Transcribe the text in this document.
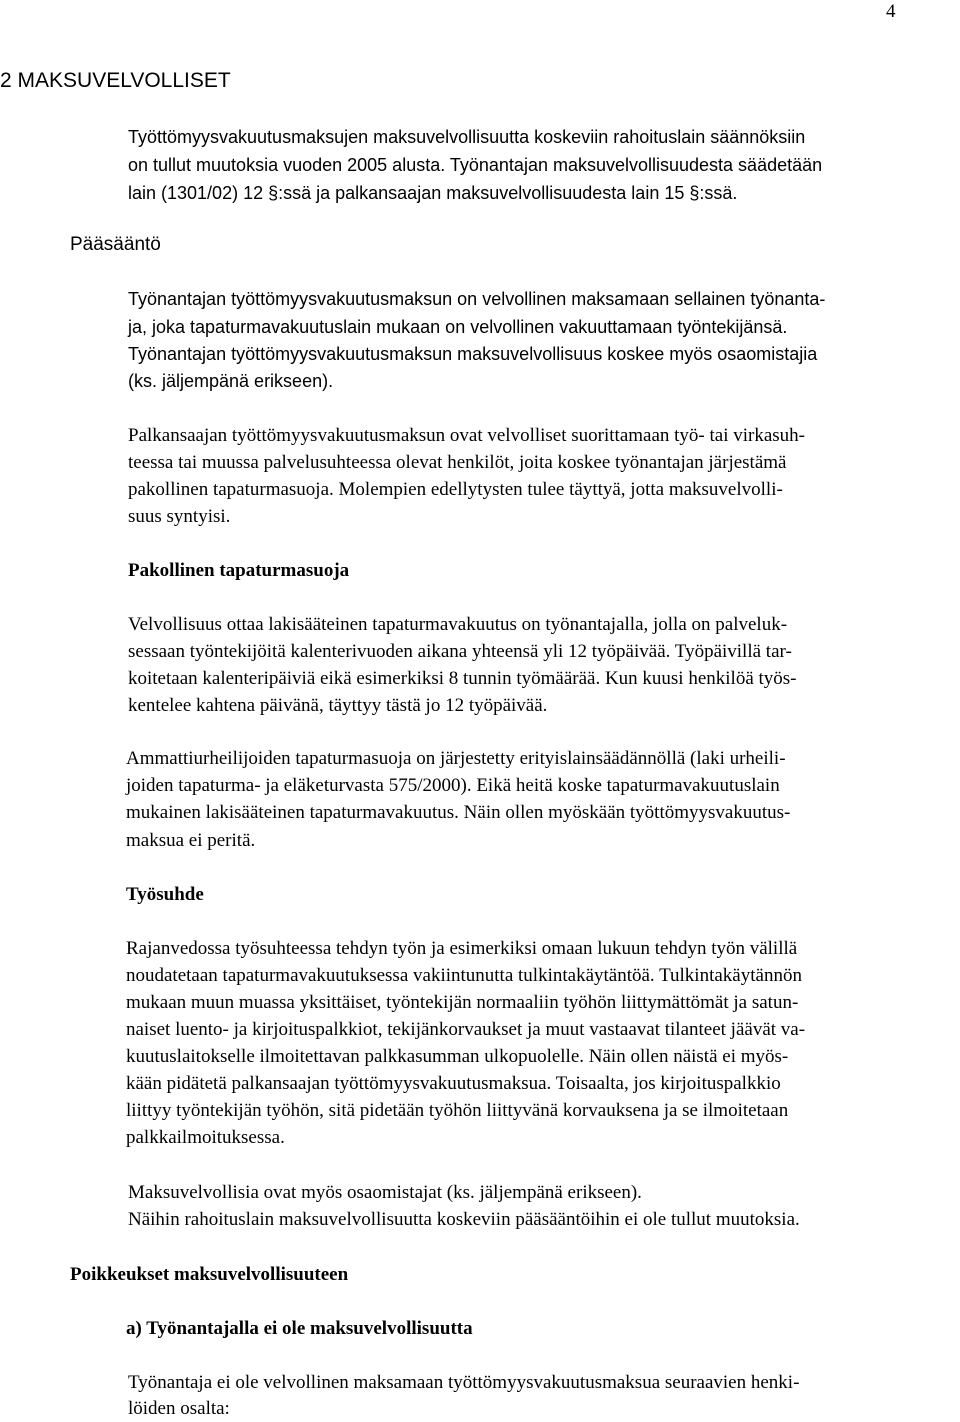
4
2 MAKSUVELVOLLISET
Työttömyysvakuutusmaksujen maksuvelvollisuutta koskeviin rahoituslain säännöksiin
on tullut muutoksia vuoden 2005 alusta. Työnantajan maksuvelvollisuudesta säädetään
lain (1301/02) 12 §:ssä ja palkansaajan maksuvelvollisuudesta lain 15 §:ssä.
Pääsääntö
Työnantajan työttömyysvakuutusmaksun on velvollinen maksamaan sellainen työnanta-
ja, joka tapaturmavakuutuslain mukaan on velvollinen vakuuttamaan työntekijänsä.
Työnantajan työttömyysvakuutusmaksun maksuvelvollisuus koskee myös osaomistajia
(ks. jäljempänä erikseen).
Palkansaajan työttömyysvakuutusmaksun ovat velvolliset suorittamaan työ- tai virkasuh-
teessa tai muussa palvelusuhteessa olevat henkilöt, joita koskee työnantajan järjestämä
pakollinen tapaturmasuoja. Molempien edellytysten tulee täyttyä, jotta maksuvelvolli-
suus syntyisi.
Pakollinen tapaturmasuoja
Velvollisuus ottaa lakisääteinen tapaturmavakuutus on työnantajalla, jolla on palveluk-
sessaan työntekijöitä kalenterivuoden aikana yhteensä yli 12 työpäivää. Työpäivillä tar-
koitetaan kalenteripäiviä eikä esimerkiksi 8 tunnin työmäärää. Kun kuusi henkilöä työs-
kentelee kahtena päivänä, täyttyy tästä jo 12 työpäivää.
Ammattiurheilijoiden tapaturmasuoja on järjestetty erityislainsäädännöllä (laki urheili-
joiden tapaturma- ja eläketurvasta 575/2000). Eikä heitä koske tapaturmavakuutuslain
mukainen lakisääteinen tapaturmavakuutus. Näin ollen myöskään työttömyysvakuutus-
maksua ei peritä.
Työsuhde
Rajanvedossa työsuhteessa tehdyn työn ja esimerkiksi omaan lukuun tehdyn työn välillä
noudatetaan tapaturmavakuutuksessa vakiintunutta tulkintakäytäntöä. Tulkintakäytännön
mukaan muun muassa yksittäiset, työntekijän normaaliin työhön liittymättömät ja satun-
naiset luento- ja kirjoituspalkkiot, tekijänkorvaukset ja muut vastaavat tilanteet jäävät va-
kuutuslaitokselle ilmoitettavan palkkasumman ulkopuolelle. Näin ollen näistä ei myös-
kään pidätetä palkansaajan työttömyysvakuutusmaksua. Toisaalta, jos kirjoituspalkkio
liittyy työntekijän työhön, sitä pidetään työhön liittyvänä korvauksena ja se ilmoitetaan
palkkailmoituksessa.
Maksuvelvollisia ovat myös osaomistajat (ks. jäljempänä erikseen).
Näihin rahoituslain maksuvelvollisuutta koskeviin pääsääntöihin ei ole tullut muutoksia.
Poikkeukset maksuvelvollisuuteen
a) Työnantajalla ei ole maksuvelvollisuutta
Työnantaja ei ole velvollinen maksamaan työttömyysvakuutusmaksua seuraavien henki-
löiden osalta:
